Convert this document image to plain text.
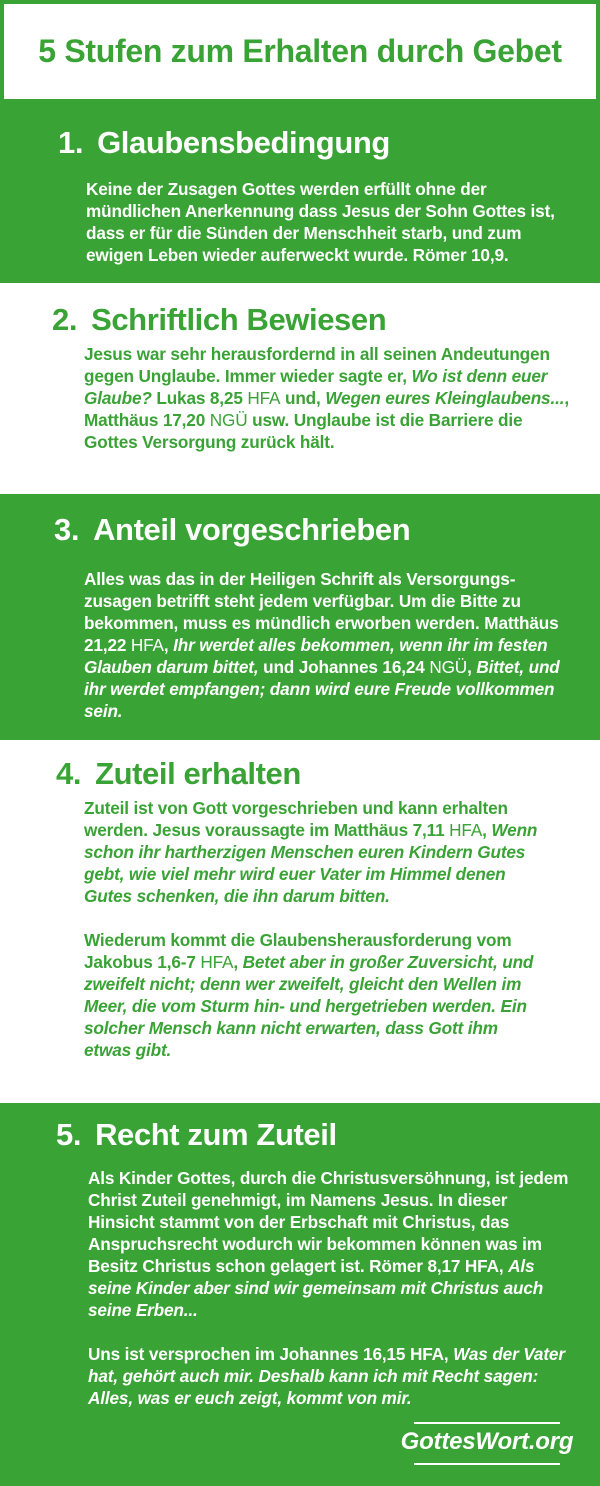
5 Stufen zum Erhalten durch Gebet
1. Glaubensbedingung

Keine der Zusagen Gottes werden erfüllt ohne der mündlichen Anerkennung dass Jesus der Sohn Gottes ist, dass er für die Sünden der Menschheit starb, und zum ewigen Leben wieder auferweckt wurde. Römer 10,9.

2. Schriftlich Bewiesen

Jesus war sehr herausfordernd in all seinen Andeutungen gegen Unglaube. Immer wieder sagte er, Wo ist denn euer Glaube? Lukas 8,25 HFA und, Wegen eures Kleinglaubens..., Matthäus 17,20 NGÜ usw. Unglaube ist die Barriere die Gottes Versorgung zurück hält.

3. Anteil vorgeschrieben

Alles was das in der Heiligen Schrift als Versorgungs-zusagen betrifft steht jedem verfügbar. Um die Bitte zu bekommen, muss es mündlich erworben werden. Matthäus 21,22 HFA, Ihr werdet alles bekommen, wenn ihr im festen Glauben darum bittet, und Johannes 16,24 NGÜ, Bittet, und ihr werdet empfangen; dann wird eure Freude vollkommen sein.

4. Zuteil erhalten

Zuteil ist von Gott vorgeschrieben und kann erhalten werden. Jesus voraussagte im Matthäus 7,11 HFA, Wenn schon ihr hartherzigen Menschen euren Kindern Gutes gebt, wie viel mehr wird euer Vater im Himmel denen Gutes schenken, die ihn darum bitten.

Wiederum kommt die Glaubensherausforderung vom Jakobus 1,6-7 HFA, Betet aber in großer Zuversicht, und zweifelt nicht; denn wer zweifelt, gleicht den Wellen im Meer, die vom Sturm hin- und hergetrieben werden. Ein solcher Mensch kann nicht erwarten, dass Gott ihm etwas gibt.

5. Recht zum Zuteil

Als Kinder Gottes, durch die Christusversöhnung, ist jedem Christ Zuteil genehmigt, im Namens Jesus. In dieser Hinsicht stammt von der Erbschaft mit Christus, das Anspruchsrecht wodurch wir bekommen können was im Besitz Christus schon gelagert ist. Römer 8,17 HFA, Als seine Kinder aber sind wir gemeinsam mit Christus auch seine Erben...

Uns ist versprochen im Johannes 16,15 HFA, Was der Vater hat, gehört auch mir. Deshalb kann ich mit Recht sagen: Alles, was er euch zeigt, kommt von mir.

GottesWort.org
